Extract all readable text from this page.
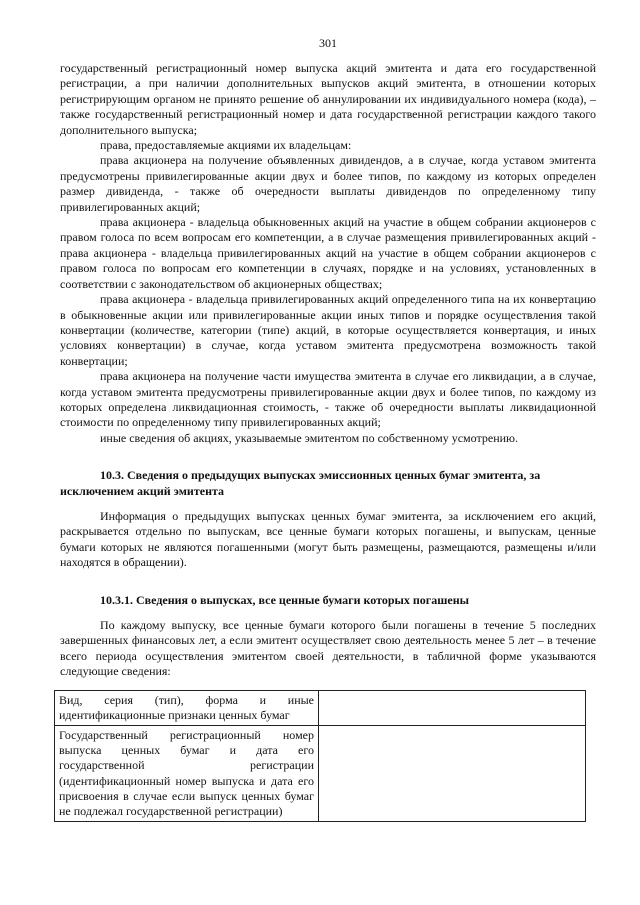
301

государственный регистрационный номер выпуска акций эмитента и дата его государственной регистрации, а при наличии дополнительных выпусков акций эмитента, в отношении которых регистрирующим органом не принято решение об аннулировании их индивидуального номера (кода), – также государственный регистрационный номер и дата государственной регистрации каждого такого дополнительного выпуска;

права, предоставляемые акциями их владельцам:

права акционера на получение объявленных дивидендов, а в случае, когда уставом эмитента предусмотрены привилегированные акции двух и более типов, по каждому из которых определен размер дивиденда, - также об очередности выплаты дивидендов по определенному типу привилегированных акций;

права акционера - владельца обыкновенных акций на участие в общем собрании акционеров с правом голоса по всем вопросам его компетенции, а в случае размещения привилегированных акций - права акционера - владельца привилегированных акций на участие в общем собрании акционеров с правом голоса по вопросам его компетенции в случаях, порядке и на условиях, установленных в соответствии с законодательством об акционерных обществах;

права акционера - владельца привилегированных акций определенного типа на их конвертацию в обыкновенные акции или привилегированные акции иных типов и порядке осуществления такой конвертации (количестве, категории (типе) акций, в которые осуществляется конвертация, и иных условиях конвертации) в случае, когда уставом эмитента предусмотрена возможность такой конвертации;

права акционера на получение части имущества эмитента в случае его ликвидации, а в случае, когда уставом эмитента предусмотрены привилегированные акции двух и более типов, по каждому из которых определена ликвидационная стоимость, - также об очередности выплаты ликвидационной стоимости по определенному типу привилегированных акций;

иные сведения об акциях, указываемые эмитентом по собственному усмотрению.

10.3. Сведения о предыдущих выпусках эмиссионных ценных бумаг эмитента, за исключением акций эмитента

Информация о предыдущих выпусках ценных бумаг эмитента, за исключением его акций, раскрывается отдельно по выпускам, все ценные бумаги которых погашены, и выпускам, ценные бумаги которых не являются погашенными (могут быть размещены, размещаются, размещены и/или находятся в обращении).

10.3.1. Сведения о выпусках, все ценные бумаги которых погашены

По каждому выпуску, все ценные бумаги которого были погашены в течение 5 последних завершенных финансовых лет, а если эмитент осуществляет свою деятельность менее 5 лет – в течение всего периода осуществления эмитентом своей деятельности, в табличной форме указываются следующие сведения:

Вид, серия (тип), форма и иные идентификационные признаки ценных бумаг	
Государственный регистрационный номер выпуска ценных бумаг и дата его государственной регистрации (идентификационный номер выпуска и дата его присвоения в случае если выпуск ценных бумаг не подлежал государственной регистрации)	
